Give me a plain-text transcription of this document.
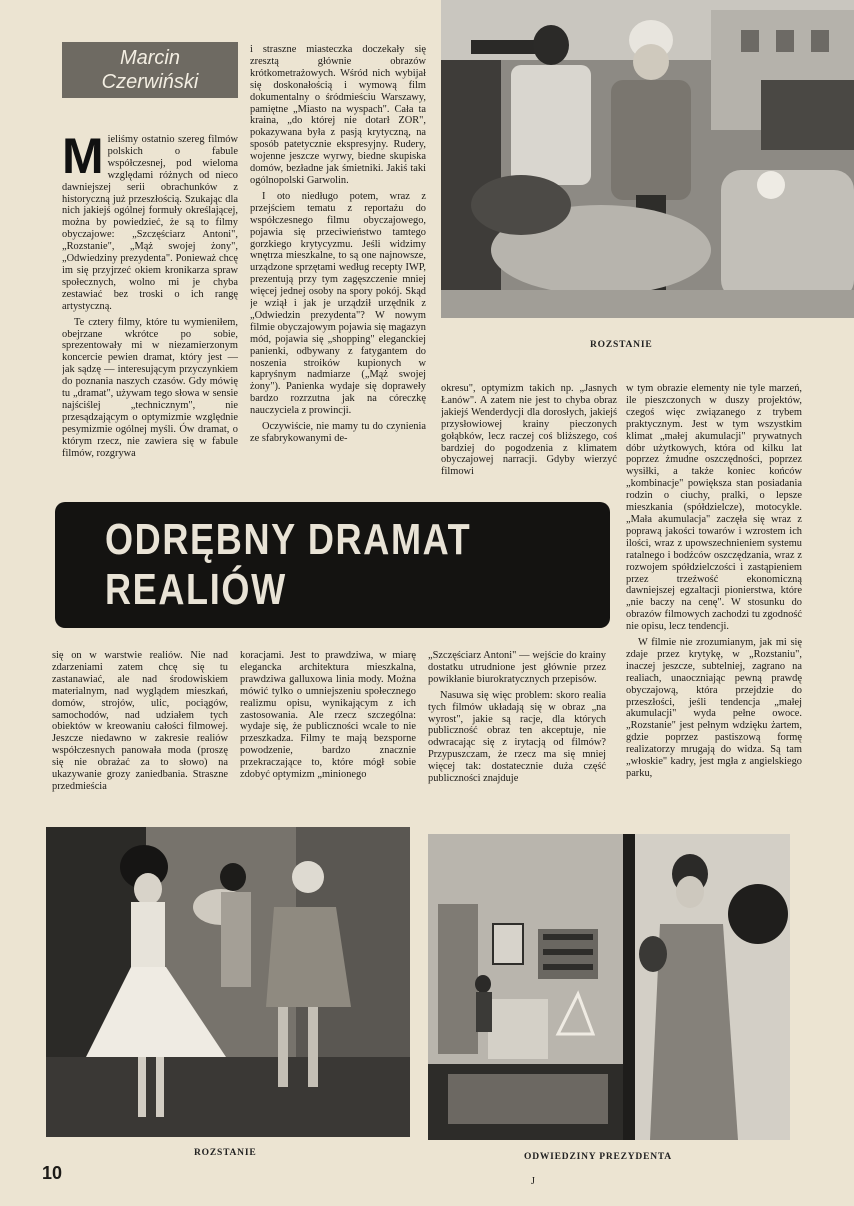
Marcin
Czerwiński

Mieliśmy ostatnio szereg filmów polskich o fabule współczesnej, pod wieloma względami różnych od nieco dawniejszej serii obrachunków z historyczną już przeszłością. Szukając dla nich jakiejś ogólnej formuły określającej, można by powiedzieć, że są to filmy obyczajowe: „Szczęściarz Antoni", „Rozstanie", „Mąż swojej żony", „Odwiedziny prezydenta". Ponieważ chcę im się przyjrzeć okiem kronikarza spraw społecznych, wolno mi je chyba zestawiać bez troski o ich rangę artystyczną.

Te cztery filmy, które tu wymieniłem, obejrzane wkrótce po sobie, sprezentowały mi w niezamierzonym koncercie pewien dramat, który jest — jak sądzę — interesującym przyczynkiem do poznania naszych czasów. Gdy mówię tu „dramat", używam tego słowa w sensie najściślej „technicznym", nie przesądzającym o optymizmie względnie pesymizmie ogólnej myśli. Ów dramat, o którym rzecz, nie zawiera się w fabule filmów, rozgrywa

i straszne miasteczka doczekały się zresztą głównie obrazów krótkometrażowych. Wśród nich wybijał się doskonałością i wymową film dokumentalny o śródmieściu Warszawy, pamiętne „Miasto na wyspach". Cała ta kraina, „do której nie dotarł ZOR", pokazywana była z pasją krytyczną, na sposób patetycznie ekspresyjny. Rudery, wojenne jeszcze wyrwy, biedne skupiska domów, bezładne jak śmietniki. Jakiś taki ogólnopolski Garwolin.

I oto niedługo potem, wraz z przejściem tematu z reportażu do współczesnego filmu obyczajowego, pojawia się przeciwieństwo tamtego gorzkiego krytycyzmu. Jeśli widzimy wnętrza mieszkalne, to są one najnowsze, urządzone sprzętami według recepty IWP, prezentują przy tym zagęszczenie mniej więcej jednej osoby na spory pokój. Skąd je wziął i jak je urządził urzędnik z „Odwiedzin prezydenta"? W nowym filmie obyczajowym pojawia się magazyn mód, pojawia się „shopping" eleganckiej panienki, odbywany z fatygantem do noszenia stroików kupionych w kapryśnym nadmiarze („Mąż swojej żony"). Panienka wydaje się dopraweły bardzo rozrzutna jak na córeczkę nauczyciela z prowincji.

Oczywiście, nie mamy tu do czynienia ze sfabrykowanymi de-

ROZSTANIE

okresu", optymizm takich np. „Jasnych Łanów". A zatem nie jest to chyba obraz jakiejś Wenderdycji dla dorosłych, jakiejś przysłowiowej krainy pieczonych gołąbków, lecz raczej coś bliższego, coś bardziej do pogodzenia z klimatem obyczajowej narracji. Gdyby wierzyć filmowi

w tym obrazie elementy nie tyle marzeń, ile pieszczonych w duszy projektów, czegoś więc związanego z trybem praktycznym. Jest w tym wszystkim klimat „małej akumulacji" prywatnych dóbr użytkowych, która od kilku lat poprzez żmudne oszczędności, poprzez wysiłki, a także koniec końców „kombinacje" powiększa stan posiadania rodzin o ciuchy, pralki, o lepsze mieszkania (spółdzielcze), motocykle. „Mała akumulacja" zaczęła się wraz z poprawą jakości towarów i wzrostem ich ilości, wraz z upowszechnieniem systemu ratalnego i bodźców oszczędzania, wraz z rozwojem spółdzielczości i zastąpieniem przez trzeźwość ekonomiczną dawniejszej egzaltacji pionierstwa, które „nie baczy na cenę". W stosunku do obrazów filmowych zachodzi tu zgodność nie opisu, lecz tendencji.

W filmie nie zrozumianym, jak mi się zdaje przez krytykę, w „Rozstaniu", inaczej jeszcze, subtelniej, zagrano na realiach, unaoczniając pewną prawdę obyczajową, która przejdzie do przeszłości, jeśli tendencja „małej akumulacji" wyda pełne owoce. „Rozstanie" jest pełnym wdzięku żartem, gdzie poprzez pastiszową formę realizatorzy mrugają do widza. Są tam „włoskie" kadry, jest mgła z angielskiego parku,

ODRĘBNY DRAMAT REALIÓW

się on w warstwie realiów. Nie nad zdarzeniami zatem chcę się tu zastanawiać, ale nad środowiskiem materialnym, nad wyglądem mieszkań, domów, strojów, ulic, pociągów, samochodów, nad udziałem tych obiektów w kreowaniu całości filmowej. Jeszcze niedawno w zakresie realiów współczesnych panowała moda (proszę się nie obrażać za to słowo) na ukazywanie grozy zaniedbania. Straszne przedmieścia

koracjami. Jest to prawdziwa, w miarę elegancka architektura mieszkalna, prawdziwa galluxowa linia mody. Można mówić tylko o umniejszeniu społecznego realizmu opisu, wynikającym z ich zastosowania. Ale rzecz szczególna: wydaje się, że publiczności wcale to nie przeszkadza. Filmy te mają bezsporne powodzenie, bardzo znacznie przekraczające to, które mógł sobie zdobyć optymizm „minionego

„Szczęściarz Antoni" — wejście do krainy dostatku utrudnione jest głównie przez powikłanie biurokratycznych przepisów.

Nasuwa się więc problem: skoro realia tych filmów układają się w obraz „na wyrost", jakie są racje, dla których publiczność obraz ten akceptuje, nie odwracając się z irytacją od filmów? Przypuszczam, że rzecz ma się mniej więcej tak: dostatecznie duża część publiczności znajduje

ROZSTANIE	ODWIEDZINY PREZYDENTA
10	J
